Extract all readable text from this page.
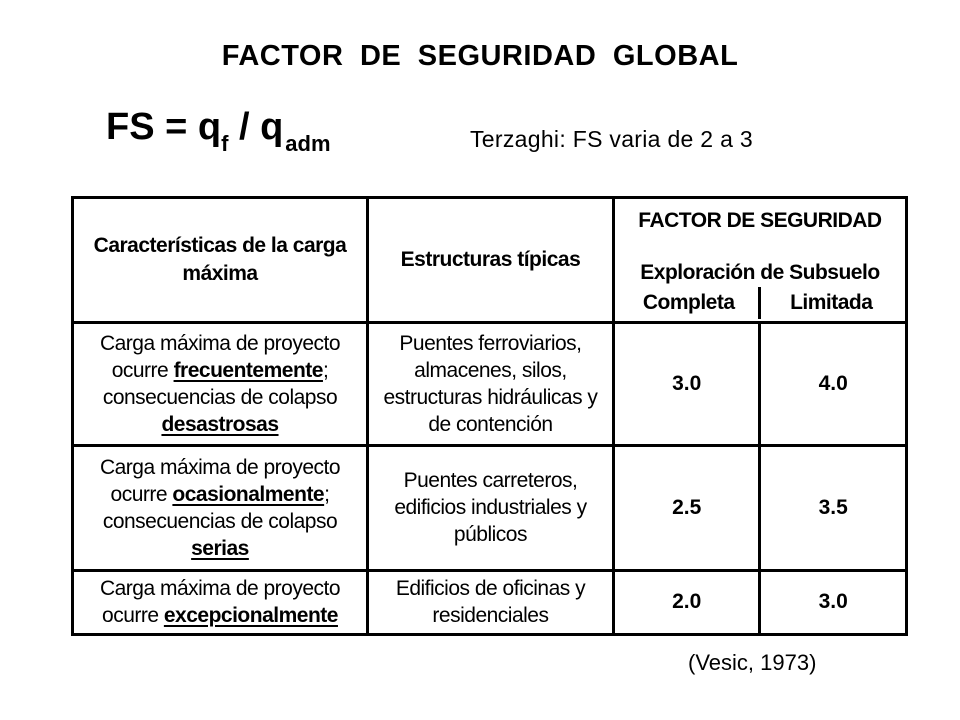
FACTOR DE SEGURIDAD GLOBAL
FS = $q_f / q_{adm}$	Terzaghi: FS varia de 2 a 3
Características de la carga máxima	Estructuras típicas	FACTOR DE SEGURIDAD
Exploración de Subsuelo
Completa Limitada	

Carga máxima de proyecto ocurre frecuentemente; consecuencias de colapso desastrosas	Puentes ferroviarios, almacenes, silos, estructuras hidráulicas y de contención	3.0	4.0
Carga máxima de proyecto ocurre ocasionalmente; consecuencias de colapso serias	Puentes carreteros, edificios industriales y públicos	2.5	3.5
Carga máxima de proyecto ocurre excepcionalmente	Edificios de oficinas y residenciales	2.0	3.0
(Vesic, 1973)
